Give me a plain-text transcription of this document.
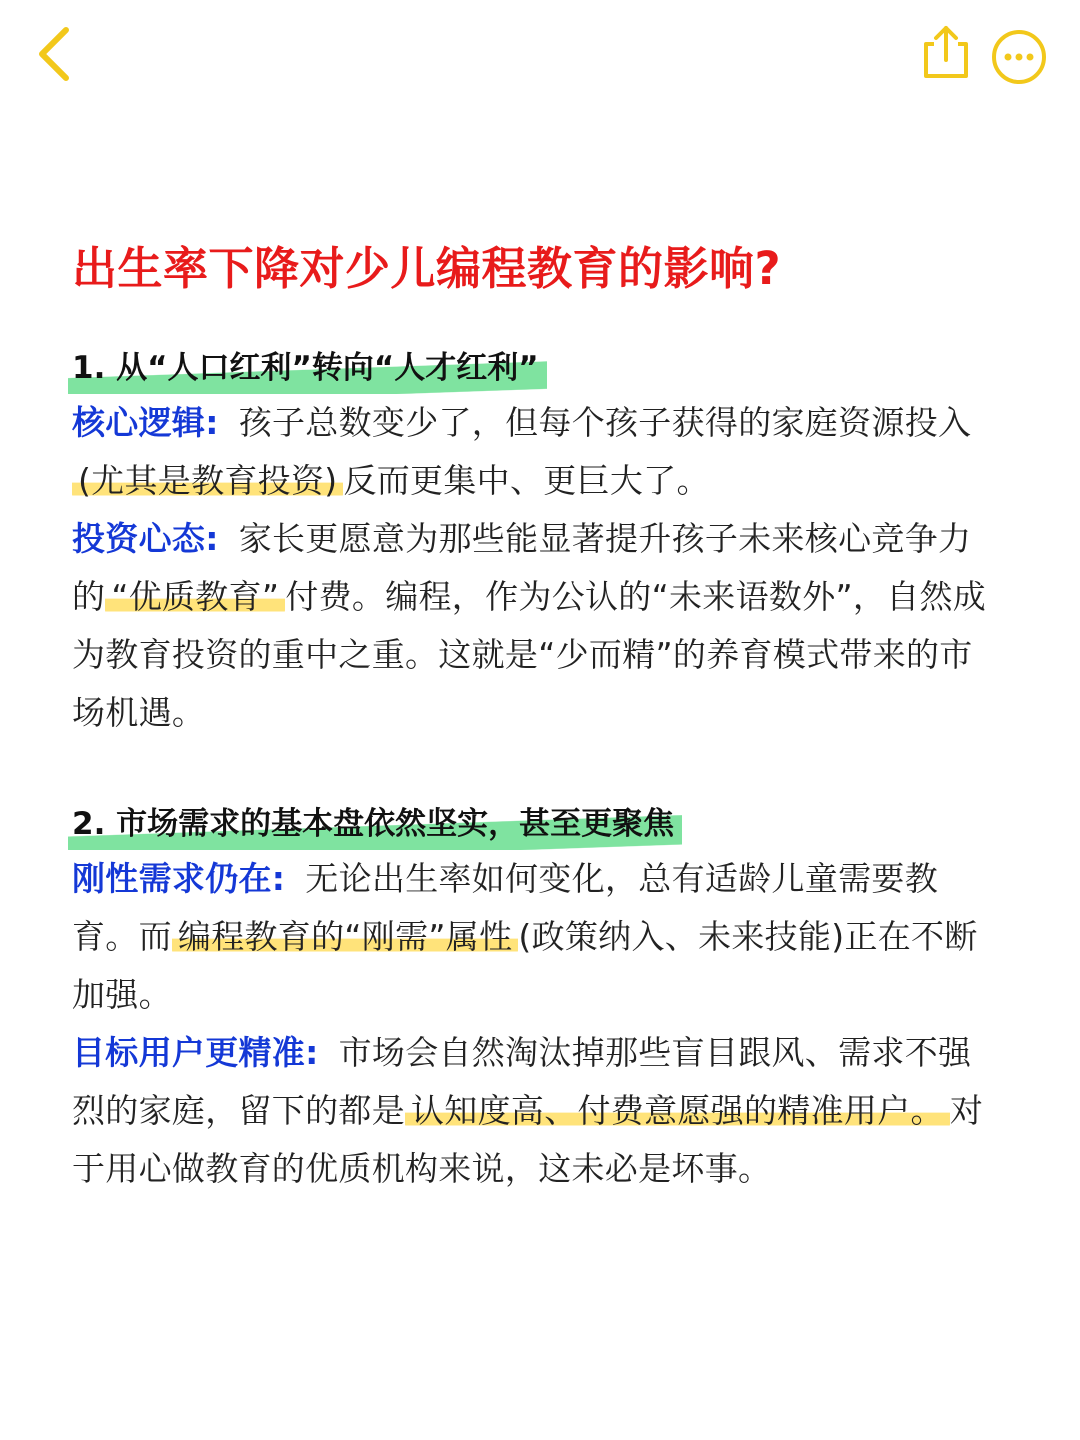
出生率下降对少儿编程教育的影响?
1. 从“人口红利”转向“人才红利”

核心逻辑: 孩子总数变少了，但每个孩子获得的家庭资源投入(尤其是教育投资) 反而更集中、更巨大了。

投资心态: 家长更愿意为那些能显著提升孩子未来核心竞争力的 “优质教育” 付费。编程，作为公认的“未来语数外”，自然成为教育投资的重中之重。这就是“少而精”的养育模式带来的市场机遇。

2. 市场需求的基本盘依然坚实，甚至更聚焦

刚性需求仍在: 无论出生率如何变化，总有适龄儿童需要教育。而 编程教育的“刚需”属性 (政策纳入、未来技能)正在不断加强。

目标用户更精准: 市场会自然淘汰掉那些盲目跟风、需求不强烈的家庭，留下的都是 认知度高、付费意愿强的精准用户。 对于用心做教育的优质机构来说，这未必是坏事。
